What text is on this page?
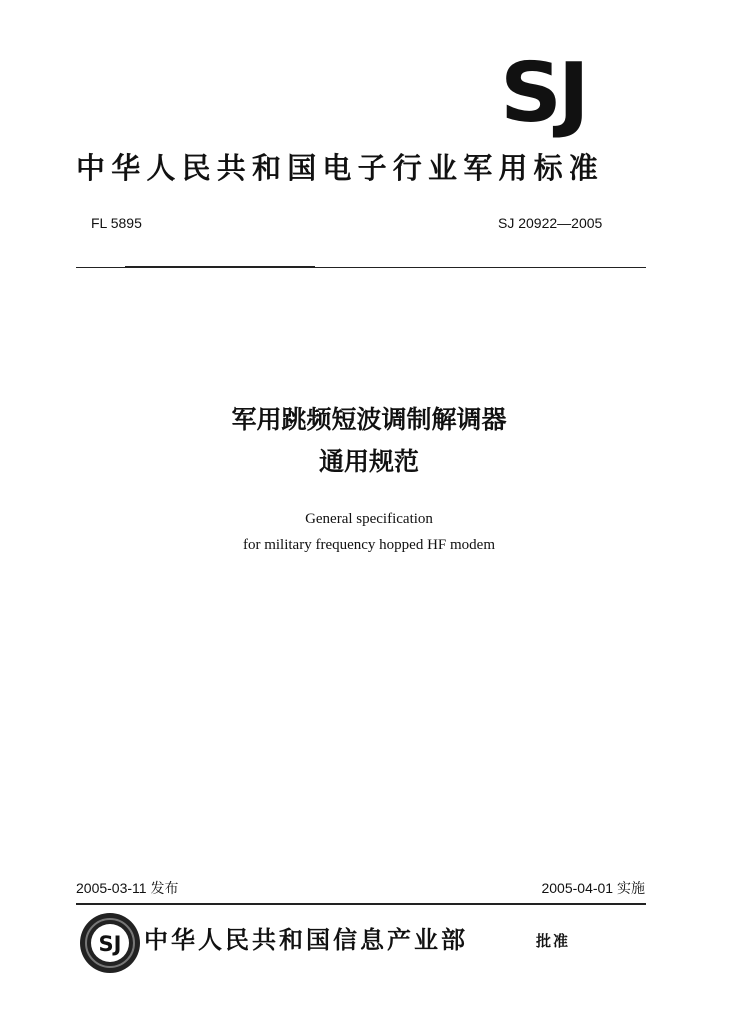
SJ
中华人民共和国电子行业军用标准
FL 5895	SJ 20922—2005
军用跳频短波调制解调器
通用规范
General specification
for military frequency hopped HF modem
2005-03-11 发布	2005-04-01 实施
SJ 中华人民共和国信息产业部	批准
